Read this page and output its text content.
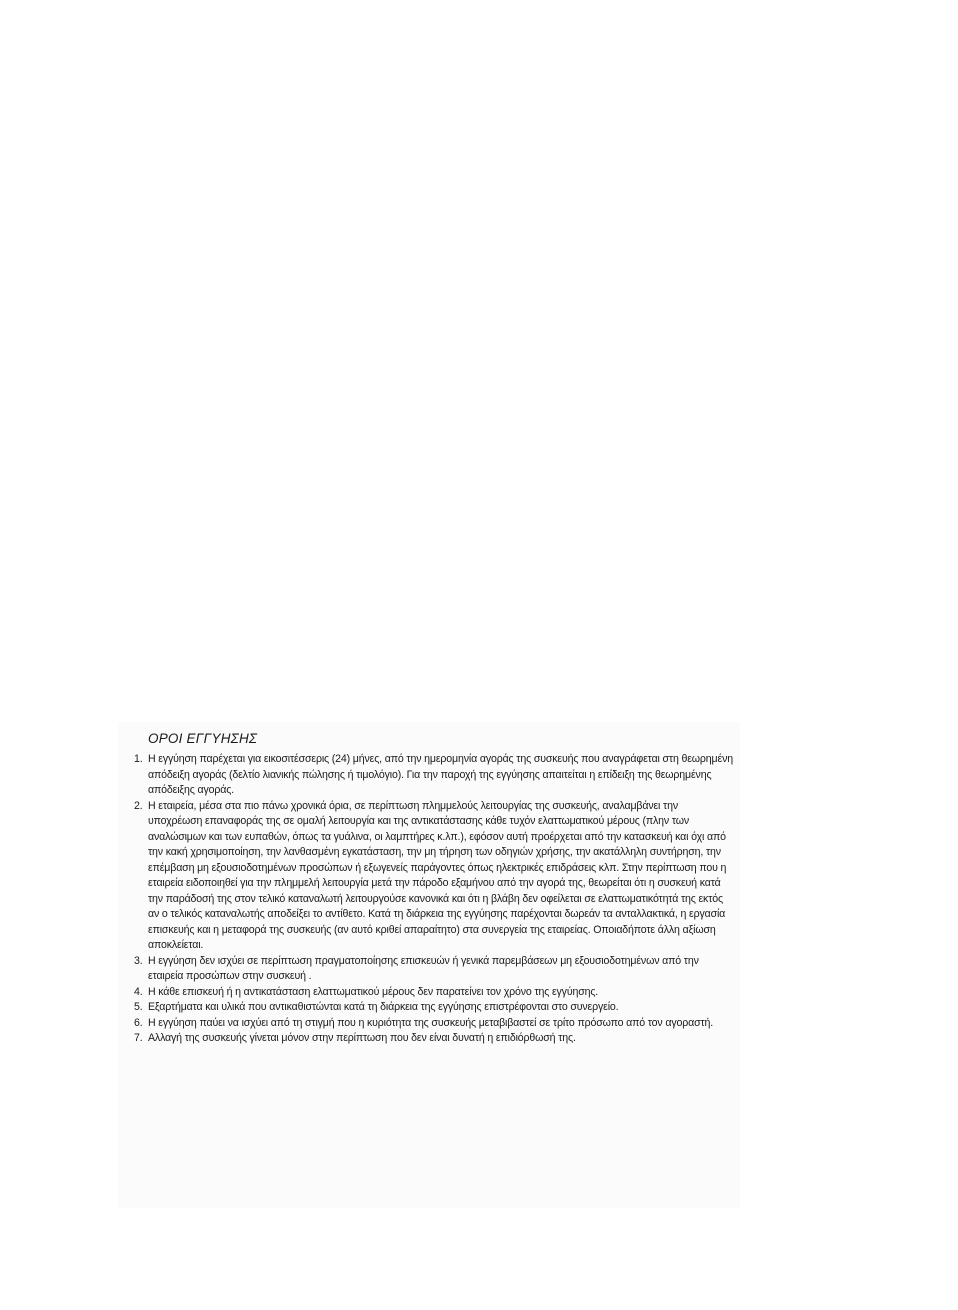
ΟΡΟΙ ΕΓΓΥΗΣΗΣ
1. Η εγγύηση παρέχεται για εικοσιτέσσερις (24) μήνες, από την ημερομηνία αγοράς της συσκευής που αναγράφεται στη θεωρημένη απόδειξη αγοράς (δελτίο λιανικής πώλησης ή τιμολόγιο). Για την παροχή της εγγύησης απαιτείται η επίδειξη της θεωρημένης απόδειξης αγοράς.
2. Η εταιρεία, μέσα στα πιο πάνω χρονικά όρια, σε περίπτωση πλημμελούς λειτουργίας της συσκευής, αναλαμβάνει την υποχρέωση επαναφοράς της σε ομαλή λειτουργία και της αντικατάστασης κάθε τυχόν ελαττωματικού μέρους (πλην των αναλώσιμων και των ευπαθών, όπως τα γυάλινα, οι λαμπτήρες κ.λπ.), εφόσον αυτή προέρχεται από την κατασκευή και όχι από την κακή χρησιμοποίηση, την λανθασμένη εγκατάσταση, την μη τήρηση των οδηγιών χρήσης, την ακατάλληλη συντήρηση, την επέμβαση μη εξουσιοδοτημένων προσώπων ή εξωγενείς παράγοντες όπως ηλεκτρικές επιδράσεις κλπ. Στην περίπτωση που η εταιρεία ειδοποιηθεί για την πλημμελή λειτουργία μετά την πάροδο εξαμήνου από την αγορά της, θεωρείται ότι η συσκευή κατά την παράδοσή της στον τελικό καταναλωτή λειτουργούσε κανονικά και ότι η βλάβη δεν οφείλεται σε ελαττωματικότητά της εκτός αν ο τελικός καταναλωτής αποδείξει το αντίθετο. Κατά τη διάρκεια της εγγύησης παρέχονται δωρεάν τα ανταλλακτικά, η εργασία επισκευής και η μεταφορά της συσκευής (αν αυτό κριθεί απαραίτητο) στα συνεργεία της εταιρείας. Οποιαδήποτε άλλη αξίωση αποκλείεται.
3. Η εγγύηση δεν ισχύει σε περίπτωση πραγματοποίησης επισκευών ή γενικά παρεμβάσεων μη εξουσιοδοτημένων από την εταιρεία προσώπων στην συσκευή .
4. Η κάθε επισκευή ή η αντικατάσταση ελαττωματικού μέρους δεν παρατείνει τον χρόνο της εγγύησης.
5. Εξαρτήματα και υλικά που αντικαθιστώνται κατά τη διάρκεια της εγγύησης επιστρέφονται στο συνεργείο.
6. Η εγγύηση παύει να ισχύει από τη στιγμή που η κυριότητα της συσκευής μεταβιβαστεί σε τρίτο πρόσωπο από τον αγοραστή.
7. Αλλαγή της συσκευής γίνεται μόνον στην περίπτωση που δεν είναι δυνατή η επιδιόρθωσή της.
